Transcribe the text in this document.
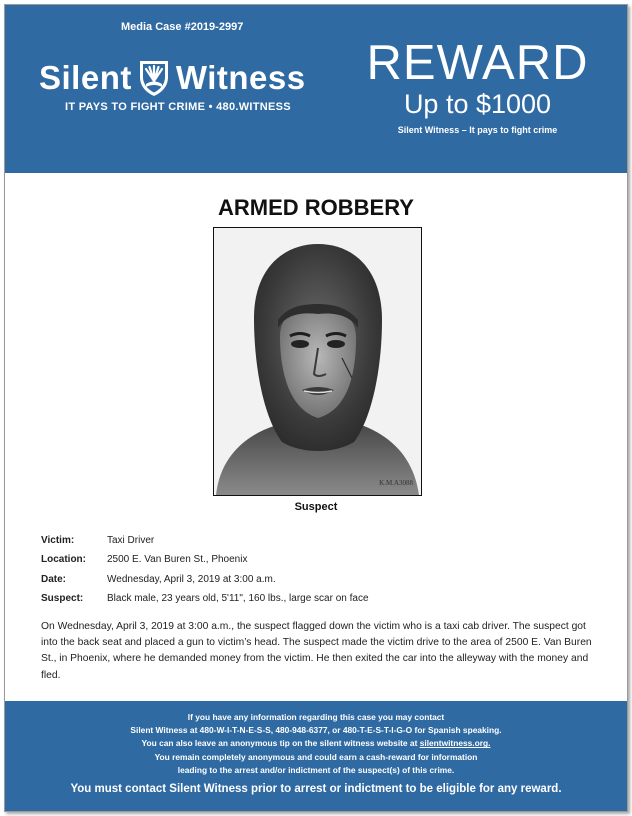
Media Case #2019-2997
Silent Witness
IT PAYS TO FIGHT CRIME • 480.WITNESS
REWARD
Up to $1000
Silent Witness – It pays to fight crime
ARMED ROBBERY
K.M.A3088
Suspect
Victim:	Taxi Driver
Location:	2500 E. Van Buren St., Phoenix
Date:	Wednesday, April 3, 2019 at 3:00 a.m.
Suspect:	Black male, 23 years old, 5'11", 160 lbs., large scar on face
On Wednesday, April 3, 2019 at 3:00 a.m., the suspect flagged down the victim who is a taxi cab driver. The suspect got into the back seat and placed a gun to victim’s head. The suspect made the victim drive to the area of 2500 E. Van Buren St., in Phoenix, where he demanded money from the victim. He then exited the car into the alleyway with the money and fled.
If you have any information regarding this case you may contact
Silent Witness at 480-W-I-T-N-E-S-S, 480-948-6377, or 480-T-E-S-T-I-G-O for Spanish speaking.
You can also leave an anonymous tip on the silent witness website at silentwitness.org.
You remain completely anonymous and could earn a cash-reward for information
leading to the arrest and/or indictment of the suspect(s) of this crime.
You must contact Silent Witness prior to arrest or indictment to be eligible for any reward.
